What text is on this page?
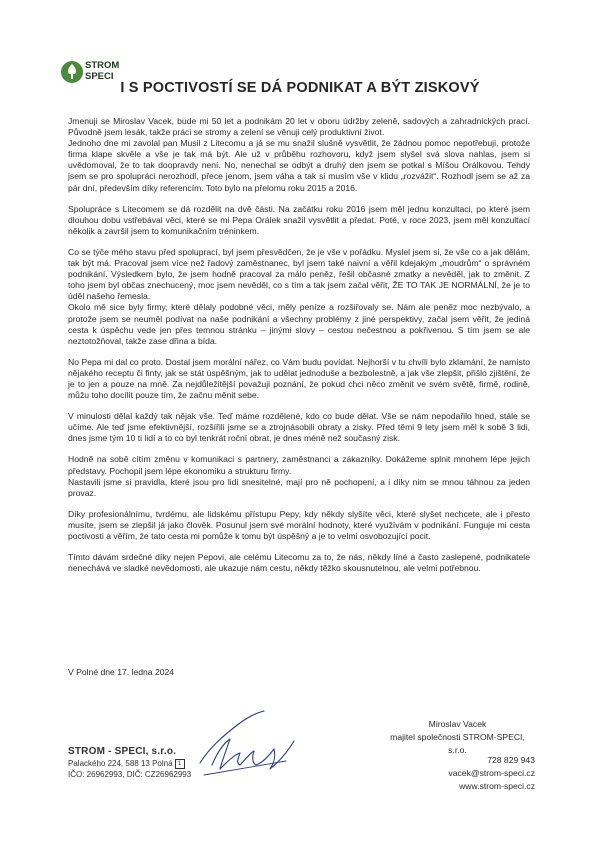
STROM
SPECI
I S POCTIVOSTÍ SE DÁ PODNIKAT A BÝT ZISKOVÝ

Jmenuji se Miroslav Vacek, bude mi 50 let a podnikám 20 let v oboru údržby zeleně, sadových a zahradnických prací. Původně jsem lesák, takže práci se stromy a zelení se věnuji celý produktivní život.

Jednoho dne mi zavolal pan Musil z Litecomu a já se mu snažil slušně vysvětlit, že žádnou pomoc nepotřebuji, protože firma klape skvěle a vše je tak má být. Ale už v průběhu rozhovoru, když jsem slyšel svá slova nahlas, jsem si uvědomoval, že to tak doopravdy není. No, nenechal se odbýt a druhý den jsem se potkal s Míšou Orálkovou. Tehdy jsem se pro spolupráci nerozhodl, přece jenom, jsem váha a tak si musím vše v klidu „rozvážit“. Rozhodl jsem se až za pár dní, především díky referencím. Toto bylo na přelomu roku 2015 a 2016.

Spolupráce s Litecomem se dá rozdělit na dvě části. Na začátku roku 2016 jsem měl jednu konzultaci, po které jsem dlouhou dobu vstřebával věci, které se mi Pepa Orálek snažil vysvětlit a předat. Poté, v roce 2023, jsem měl konzultací několik a završil jsem to komunikačním tréninkem.

Co se týče mého stavu před spoluprací, byl jsem přesvědčen, že je vše v pořádku. Myslel jsem si, že vše co a jak dělám, tak být má. Pracoval jsem více než řadový zaměstnanec, byl jsem také naivní a věřil kdejakým „moudrům“ o správném podnikání. Výsledkem bylo, že jsem hodně pracoval za málo peněz, řešil občasné zmatky a nevěděl, jak to změnit. Z toho jsem byl občas znechucený, moc jsem nevěděl, co s tím a tak jsem začal věřit, ŽE TO TAK JE NORMÁLNÍ, že je to úděl našeho řemesla.

Okolo mě sice byly firmy, které dělaly podobné věci, měly peníze a rozšiřovaly se. Nám ale peněz moc nezbývalo, a protože jsem se neuměl podívat na naše podnikání a všechny problémy z jiné perspektivy, začal jsem věřit, že jediná cesta k úspěchu vede jen přes temnou stránku – jinými slovy – cestou nečestnou a pokřivenou. S tím jsem se ale neztotožňoval, takže zase dřina a bída.

No Pepa mi dal co proto. Dostal jsem morální nářez, co Vám budu povídat. Nejhorší v tu chvíli bylo zklamání, že namísto nějakého receptu či finty, jak se stát úspěšným, jak to udělat jednoduše a bezbolestně, a jak vše zlepšit, přišlo zjištění, že je to jen a pouze na mně. Za nejdůležitější považuji poznání, že pokud chci něco změnit ve svém světě, firmě, rodině, můžu toho docílit pouze tím, že začnu měnit sebe.

V minulosti dělal každý tak nějak vše. Teď máme rozdělené, kdo co bude dělat. Vše se nám nepodařilo hned, stále se učíme. Ale teď jsme efektivnější, rozšířili jsme se a ztrojnásobili obraty a zisky. Před těmi 9 lety jsem měl k sobě 3 lidi, dnes jsme tým 10 ti lidí a to co byl tenkrát roční obrat, je dnes méně než současný zisk.

Hodně na sobě cítím změnu v komunikaci s partnery, zaměstnanci a zákazníky. Dokážeme splnit mnohem lépe jejich představy. Pochopil jsem lépe ekonomiku a strukturu firmy.

Nastavili jsme si pravidla, které jsou pro lidi snesitelné, mají pro ně pochopení, a i díky nim se mnou táhnou za jeden provaz.

Díky profesionálnímu, tvrdému, ale lidskému přístupu Pepy, kdy někdy slyšíte věci, které slyšet nechcete, ale i přesto musíte, jsem se zlepšil já jako člověk. Posunul jsem své morální hodnoty, které využívám v podnikání. Funguje mi cesta poctivosti a věřím, že tato cesta mi pomůže k tomu být úspěšný a je to velmi osvobozující pocit.

Tímto dávám srdečné díky nejen Pepovi, ale celému Litecomu za to, že nás, někdy líné a často zaslepené, podnikatele nenechává ve sladké nevědomosti, ale ukazuje nám cestu, někdy těžko skousnutelnou, ale velmi potřebnou.

V Polné dne 17. ledna 2024
Miroslav Vacek
majitel společnosti STROM-SPECI, s.r.o.
STROM - SPECI, s.r.o.
Palackého 224, 588 13 Polná 1
IČO: 26962993, DIČ: CZ26962993
728 829 943
vacek@strom-speci.cz
www.strom-speci.cz
